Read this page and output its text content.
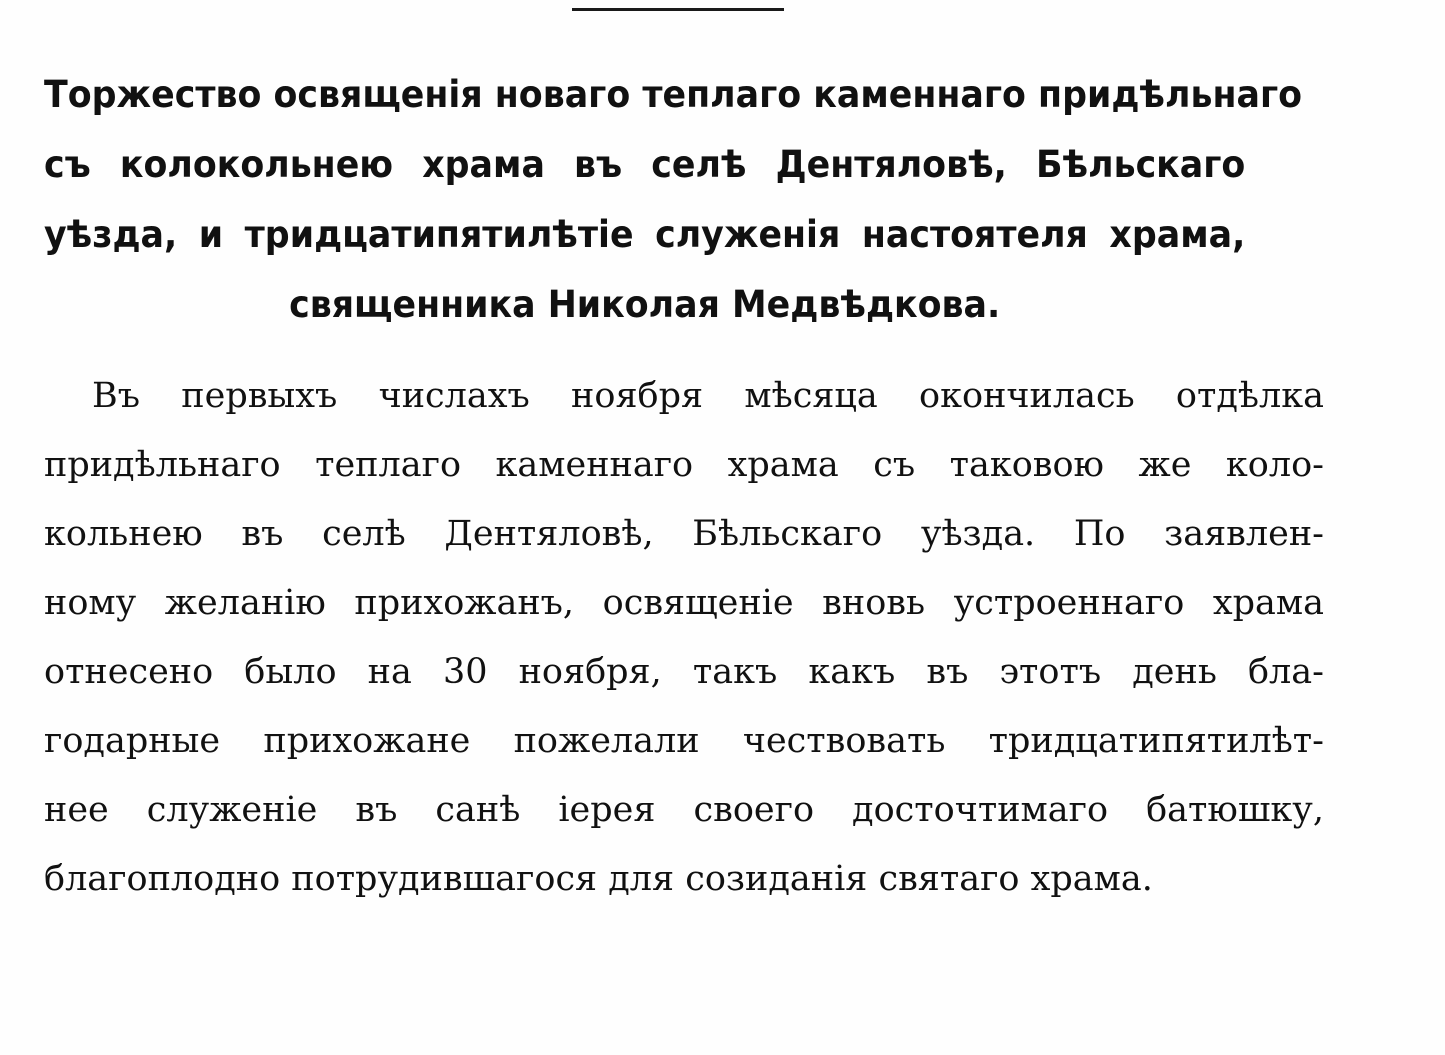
Торжество освященія новаго теплаго каменнаго придѣльнаго
съ колокольнею храма въ селѣ Дентяловѣ, Бѣльскаго
уѣзда, и тридцатипятилѣтіе служенія настоятеля храма,
священника Николая Медвѣдкова.
Въ первыхъ числахъ ноября мѣсяца окончилась отдѣлка
придѣльнаго теплаго каменнаго храма съ таковою же коло-
кольнею въ селѣ Дентяловѣ, Бѣльскаго уѣзда. По заявлен-
ному желанію прихожанъ, освященіе вновь устроеннаго храма
отнесено было на 30 ноября, такъ какъ въ этотъ день бла-
годарные прихожане пожелали чествовать тридцатипятилѣт-
нее служеніе въ санѣ іерея своего досточтимаго батюшку,
благоплодно потрудившагося для созиданія святаго храма.
